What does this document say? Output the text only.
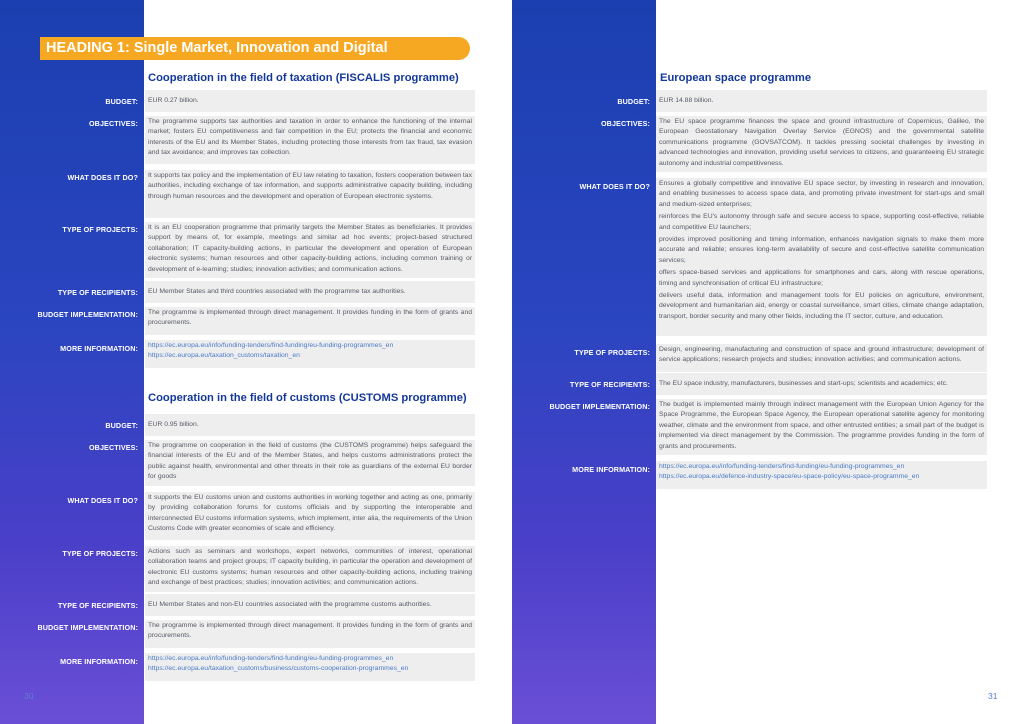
HEADING 1: Single Market, Innovation and Digital
Cooperation in the field of taxation (FISCALIS programme)
BUDGET:	EUR 0.27 billion.
OBJECTIVES:	The programme supports tax authorities and taxation in order to enhance the functioning of the internal market; fosters EU competitiveness and fair competition in the EU; protects the financial and economic interests of the EU and its Member States, including protecting those interests from tax fraud, tax evasion and tax avoidance; and improves tax collection.
WHAT DOES IT DO?	It supports tax policy and the implementation of EU law relating to taxation, fosters cooperation between tax authorities, including exchange of tax information, and supports administrative capacity building, including through human resources and the development and operation of European electronic systems.
TYPE OF PROJECTS:	It is an EU cooperation programme that primarily targets the Member States as beneficiaries. It provides support by means of, for example, meetings and similar ad hoc events; project-based structured collaboration; IT capacity-building actions, in particular the development and operation of European electronic systems; human resources and other capacity-building actions, including common training or development of e-learning; studies; innovation activities; and communication actions.
TYPE OF RECIPIENTS:	EU Member States and third countries associated with the programme tax authorities.
BUDGET IMPLEMENTATION:	The programme is implemented through direct management. It provides funding in the form of grants and procurements.
MORE INFORMATION: https://ec.europa.eu/info/funding-tenders/find-funding/eu-funding-programmes_en
https://ec.europa.eu/taxation_customs/taxation_en
Cooperation in the field of customs (CUSTOMS programme)
BUDGET:	EUR 0.95 billion.
OBJECTIVES:	The programme on cooperation in the field of customs (the CUSTOMS programme) helps safeguard the financial interests of the EU and of the Member States, and helps customs administrations protect the public against health, environmental and other threats in their role as guardians of the external EU border for goods
WHAT DOES IT DO?	It supports the EU customs union and customs authorities in working together and acting as one, primarily by providing collaboration forums for customs officials and by supporting the interoperable and interconnected EU customs information systems, which implement, inter alia, the requirements of the Union Customs Code with greater economies of scale and efficiency.
TYPE OF PROJECTS:	Actions such as seminars and workshops, expert networks, communities of interest, operational collaboration teams and project groups; IT capacity building, in particular the operation and development of electronic EU customs systems; human resources and other capacity-building actions, including training and exchange of best practices; studies; innovation activities; and communication actions.
TYPE OF RECIPIENTS:	EU Member States and non-EU countries associated with the programme customs authorities.
BUDGET IMPLEMENTATION:	The programme is implemented through direct management. It provides funding in the form of grants and procurements.
MORE INFORMATION: https://ec.europa.eu/info/funding-tenders/find-funding/eu-funding-programmes_en
https://ec.europa.eu/taxation_customs/business/customs-cooperation-programmes_en
European space programme
BUDGET:	EUR 14.88 billion.
OBJECTIVES:	The EU space programme finances the space and ground infrastructure of Copernicus, Galileo, the European Geostationary Navigation Overlay Service (EGNOS) and the governmental satellite communications programme (GOVSATCOM). It tackles pressing societal challenges by investing in advanced technologies and innovation, providing useful services to citizens, and guaranteeing EU strategic autonomy and industrial competitiveness.
WHAT DOES IT DO? Ensures a globally competitive and innovative EU space sector, by investing in research and innovation, and enabling businesses to access space data, and promoting private investment for start-ups and small and medium-sized enterprises;
reinforces the EU's autonomy through safe and secure access to space, supporting cost-effective, reliable and competitive EU launchers;
provides improved positioning and timing information, enhances navigation signals to make them more accurate and reliable; ensures long-term availability of secure and cost-effective satellite communication services;
offers space-based services and applications for smartphones and cars, along with rescue operations, timing and synchronisation of critical EU infrastructure;
delivers useful data, information and management tools for EU policies on agriculture, environment, development and humanitarian aid, energy or coastal surveillance, smart cities, climate change adaptation, transport, border security and many other fields, including the IT sector, culture, and education.
TYPE OF PROJECTS:	Design, engineering, manufacturing and construction of space and ground infrastructure; development of service applications; research projects and studies; innovation activities; and communication actions.
TYPE OF RECIPIENTS:	The EU space industry, manufacturers, businesses and start-ups; scientists and academics; etc.
BUDGET IMPLEMENTATION:	The budget is implemented mainly through indirect management with the European Union Agency for the Space Programme, the European Space Agency, the European operational satellite agency for monitoring weather, climate and the environment from space, and other entrusted entities; a small part of the budget is implemented via direct management by the Commission. The programme provides funding in the form of grants and procurements.
MORE INFORMATION: https://ec.europa.eu/info/funding-tenders/find-funding/eu-funding-programmes_en
https://ec.europa.eu/defence-industry-space/eu-space-policy/eu-space-programme_en
30	31
